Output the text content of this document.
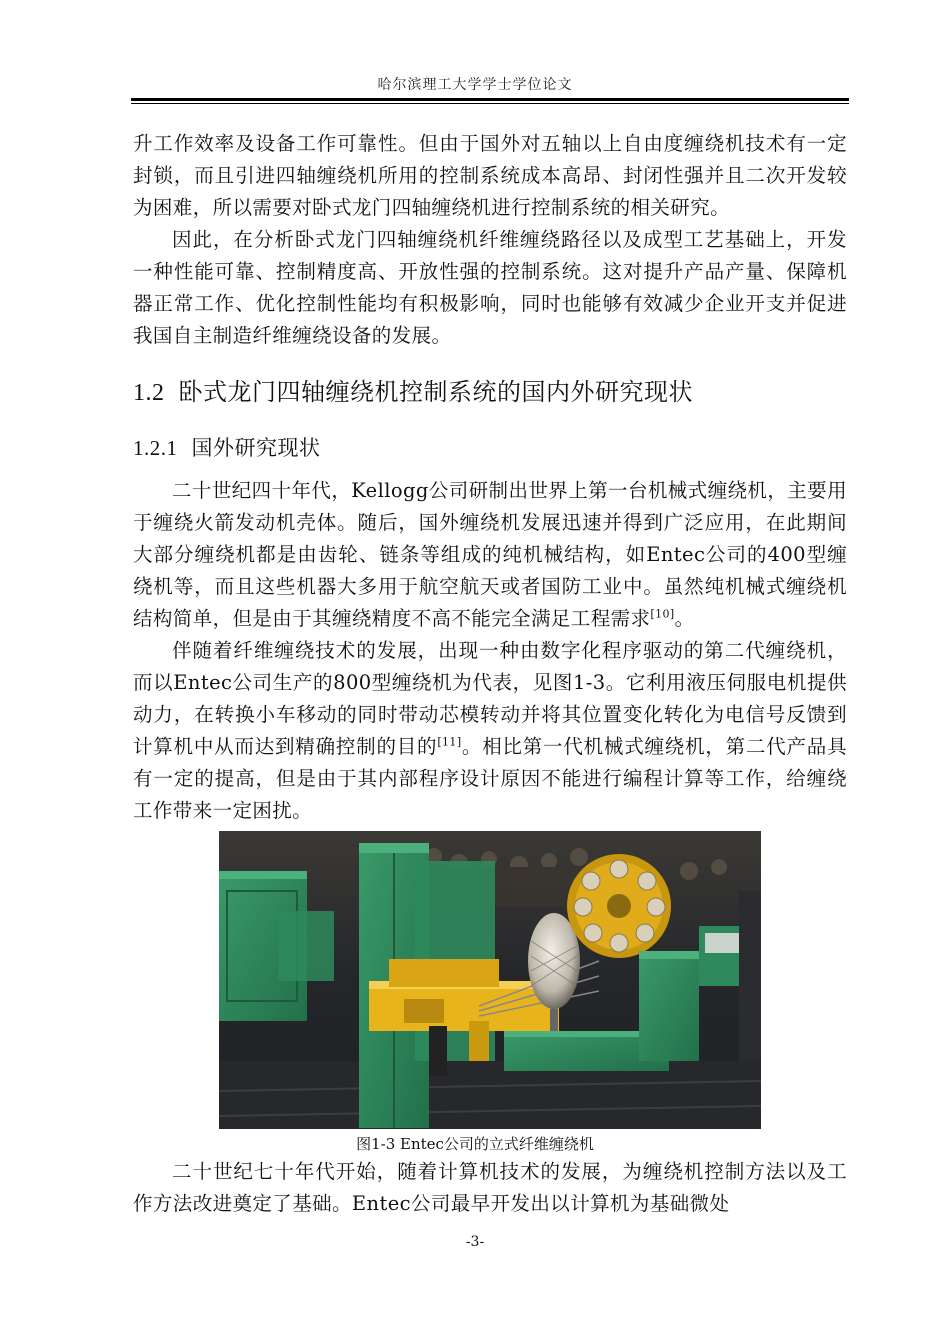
哈尔滨理工大学学士学位论文

升工作效率及设备工作可靠性。但由于国外对五轴以上自由度缠绕机技术有一定封锁，而且引进四轴缠绕机所用的控制系统成本高昂、封闭性强并且二次开发较为困难，所以需要对卧式龙门四轴缠绕机进行控制系统的相关研究。

因此，在分析卧式龙门四轴缠绕机纤维缠绕路径以及成型工艺基础上，开发一种性能可靠、控制精度高、开放性强的控制系统。这对提升产品产量、保障机器正常工作、优化控制性能均有积极影响，同时也能够有效减少企业开支并促进我国自主制造纤维缠绕设备的发展。

1.2 卧式龙门四轴缠绕机控制系统的国内外研究现状
1.2.1 国外研究现状

二十世纪四十年代，Kellogg公司研制出世界上第一台机械式缠绕机，主要用于缠绕火箭发动机壳体。随后，国外缠绕机发展迅速并得到广泛应用，在此期间大部分缠绕机都是由齿轮、链条等组成的纯机械结构，如Entec公司的400型缠绕机等，而且这些机器大多用于航空航天或者国防工业中。虽然纯机械式缠绕机结构简单，但是由于其缠绕精度不高不能完全满足工程需求[10]。

伴随着纤维缠绕技术的发展，出现一种由数字化程序驱动的第二代缠绕机，而以Entec公司生产的800型缠绕机为代表，见图1-3。它利用液压伺服电机提供动力，在转换小车移动的同时带动芯模转动并将其位置变化转化为电信号反馈到计算机中从而达到精确控制的目的[11]。相比第一代机械式缠绕机，第二代产品具有一定的提高，但是由于其内部程序设计原因不能进行编程计算等工作，给缠绕工作带来一定困扰。

图1-3 Entec公司的立式纤维缠绕机

二十世纪七十年代开始，随着计算机技术的发展，为缠绕机控制方法以及工作方法改进奠定了基础。Entec公司最早开发出以计算机为基础微处

-3-
